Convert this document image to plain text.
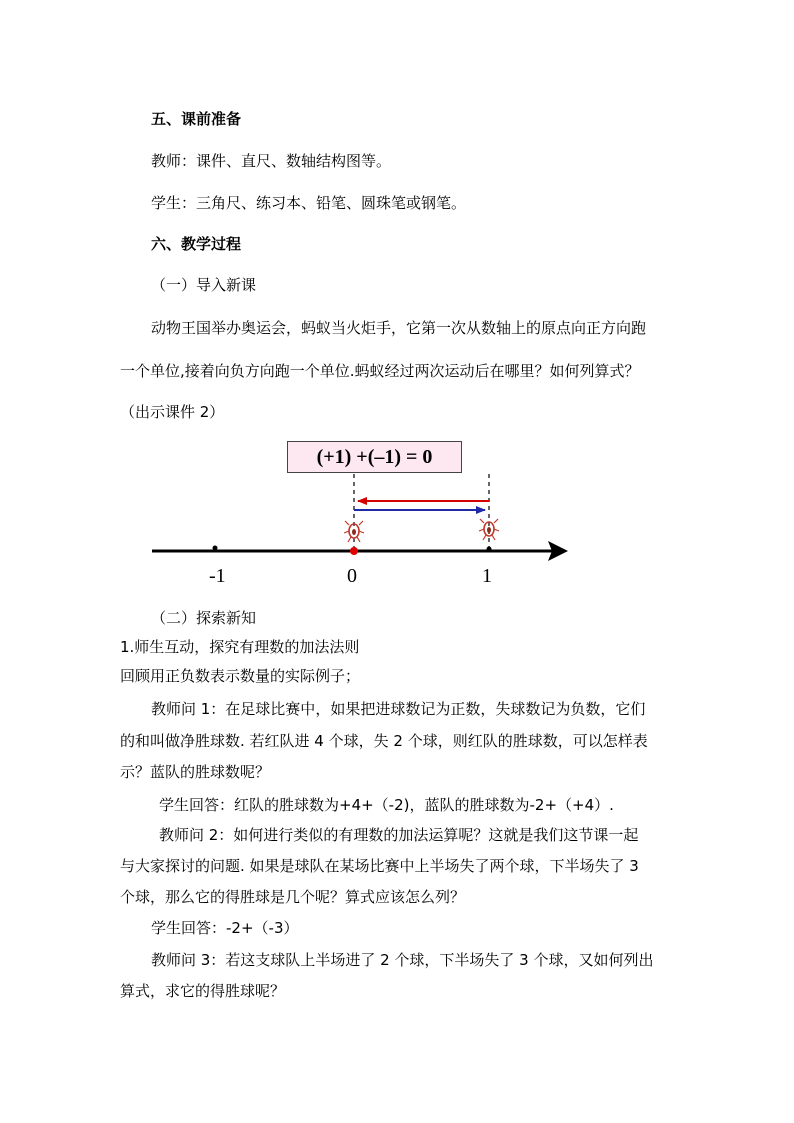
五、课前准备
教师：课件、直尺、数轴结构图等。
学生：三角尺、练习本、铅笔、圆珠笔或钢笔。
六、教学过程
（一）导入新课
动物王国举办奥运会，蚂蚁当火炬手，它第一次从数轴上的原点向正方向跑
一个单位,接着向负方向跑一个单位.蚂蚁经过两次运动后在哪里？如何列算式？
（出示课件 2）
(+1) +(–1) = 0
-1	0	1
（二）探索新知
1.师生互动，探究有理数的加法法则
回顾用正负数表示数量的实际例子；
教师问 1：在足球比赛中，如果把进球数记为正数，失球数记为负数，它们
的和叫做净胜球数. 若红队进 4 个球，失 2 个球，则红队的胜球数，可以怎样表
示？蓝队的胜球数呢？
学生回答：红队的胜球数为+4+（-2)，蓝队的胜球数为-2+（+4）.
教师问 2：如何进行类似的有理数的加法运算呢？这就是我们这节课一起
与大家探讨的问题. 如果是球队在某场比赛中上半场失了两个球，下半场失了 3
个球，那么它的得胜球是几个呢？算式应该怎么列？
学生回答：-2+（-3）
教师问 3：若这支球队上半场进了 2 个球，下半场失了 3 个球，又如何列出
算式，求它的得胜球呢？
